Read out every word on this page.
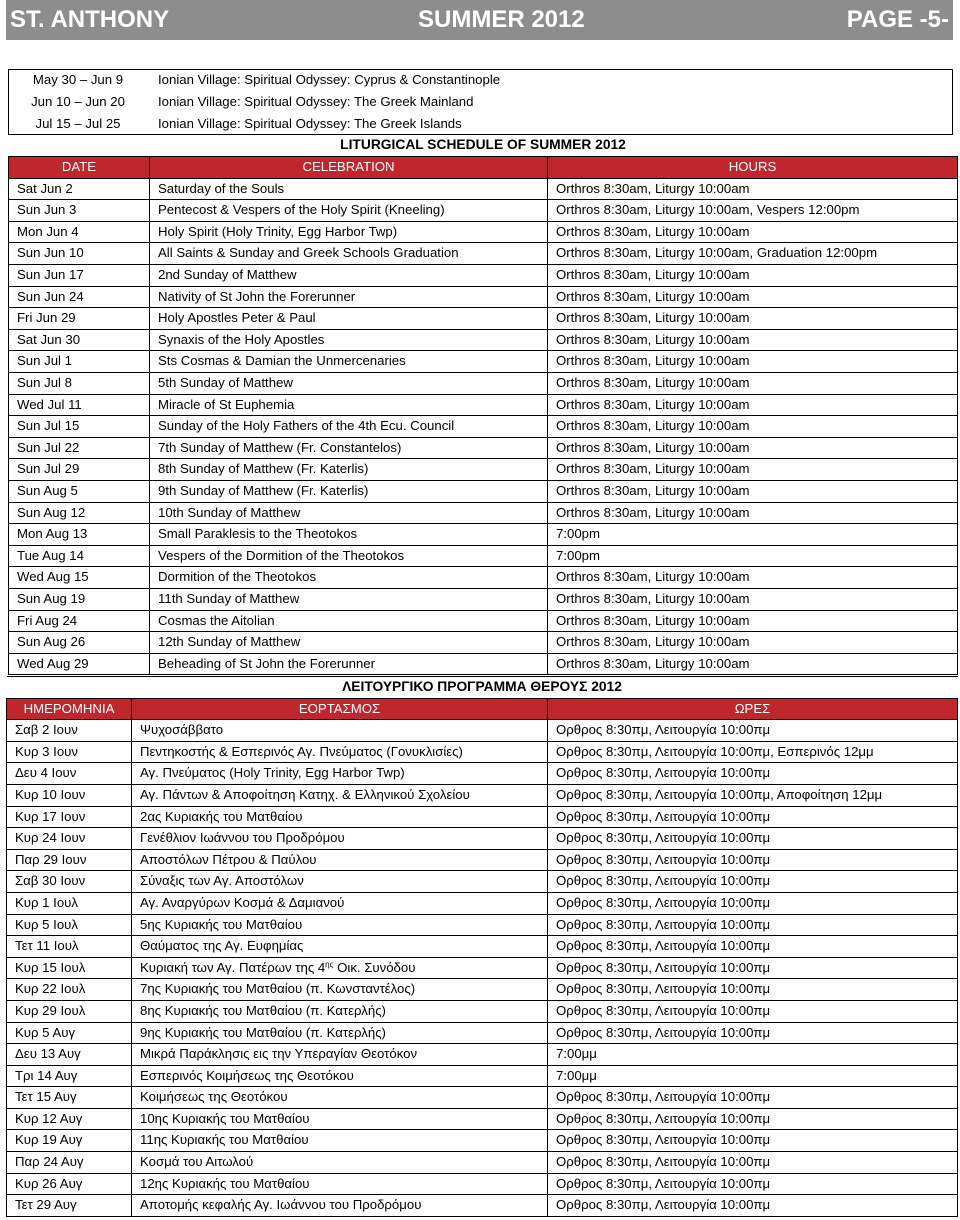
ST. ANTHONY	SUMMER 2012	PAGE -5-
May 30 – Jun 9	Ionian Village: Spiritual Odyssey: Cyprus & Constantinople
Jun 10 – Jun 20	Ionian Village: Spiritual Odyssey: The Greek Mainland
Jul 15 – Jul 25	Ionian Village: Spiritual Odyssey: The Greek Islands
LITURGICAL SCHEDULE OF SUMMER 2012		
DATE	CELEBRATION	HOURS
Sat Jun 2	Saturday of the Souls	Orthros 8:30am, Liturgy 10:00am
Sun Jun 3	Pentecost & Vespers of the Holy Spirit (Kneeling)	Orthros 8:30am, Liturgy 10:00am, Vespers 12:00pm
Mon Jun 4	Holy Spirit (Holy Trinity, Egg Harbor Twp)	Orthros 8:30am, Liturgy 10:00am
Sun Jun 10	All Saints & Sunday and Greek Schools Graduation	Orthros 8:30am, Liturgy 10:00am, Graduation 12:00pm
Sun Jun 17	2nd Sunday of Matthew	Orthros 8:30am, Liturgy 10:00am
Sun Jun 24	Nativity of St John the Forerunner	Orthros 8:30am, Liturgy 10:00am
Fri Jun 29	Holy Apostles Peter & Paul	Orthros 8:30am, Liturgy 10:00am
Sat Jun 30	Synaxis of the Holy Apostles	Orthros 8:30am, Liturgy 10:00am
Sun Jul 1	Sts Cosmas & Damian the Unmercenaries	Orthros 8:30am, Liturgy 10:00am
Sun Jul 8	5th Sunday of Matthew	Orthros 8:30am, Liturgy 10:00am
Wed Jul 11	Miracle of St Euphemia	Orthros 8:30am, Liturgy 10:00am
Sun Jul 15	Sunday of the Holy Fathers of the 4th Ecu. Council	Orthros 8:30am, Liturgy 10:00am
Sun Jul 22	7th Sunday of Matthew (Fr. Constantelos)	Orthros 8:30am, Liturgy 10:00am
Sun Jul 29	8th Sunday of Matthew (Fr. Katerlis)	Orthros 8:30am, Liturgy 10:00am
Sun Aug 5	9th Sunday of Matthew (Fr. Katerlis)	Orthros 8:30am, Liturgy 10:00am
Sun Aug 12	10th Sunday of Matthew	Orthros 8:30am, Liturgy 10:00am
Mon Aug 13	Small Paraklesis to the Theotokos	7:00pm
Tue Aug 14	Vespers of the Dormition of the Theotokos	7:00pm
Wed Aug 15	Dormition of the Theotokos	Orthros 8:30am, Liturgy 10:00am
Sun Aug 19	11th Sunday of Matthew	Orthros 8:30am, Liturgy 10:00am
Fri Aug 24	Cosmas the Aitolian	Orthros 8:30am, Liturgy 10:00am
Sun Aug 26	12th Sunday of Matthew	Orthros 8:30am, Liturgy 10:00am
Wed Aug 29	Beheading of St John the Forerunner	Orthros 8:30am, Liturgy 10:00am
ΛΕΙΤΟΥΡΓΙΚΟ ΠΡΟΓΡΑΜΜΑ ΘΕΡΟΥΣ 2012		
ΗΜΕΡΟΜΗΝΙΑ	ΕΟΡΤΑΣΜΟΣ	ΩΡΕΣ
Σαβ 2 Ιουν	Ψυχοσάββατο	Ορθρος 8:30πμ, Λειτουργία 10:00πμ
Κυρ 3 Ιουν	Πεντηκοστής & Εσπερινός Αγ. Πνεύματος (Γονυκλισίες)	Ορθρος 8:30πμ, Λειτουργία 10:00πμ, Εσπερινός 12μμ
Δευ 4 Ιουν	Αγ. Πνεύματος (Holy Trinity, Egg Harbor Twp)	Ορθρος 8:30πμ, Λειτουργία 10:00πμ
Κυρ 10 Ιουν	Αγ. Πάντων & Αποφοίτηση Κατηχ. & Ελληνικού Σχολείου	Ορθρος 8:30πμ, Λειτουργία 10:00πμ, Αποφοίτηση 12μμ
Κυρ 17 Ιουν	2ας Κυριακής του Ματθαίου	Ορθρος 8:30πμ, Λειτουργία 10:00πμ
Κυρ 24 Ιουν	Γενέθλιον Ιωάννου του Προδρόμου	Ορθρος 8:30πμ, Λειτουργία 10:00πμ
Παρ 29 Ιουν	Αποστόλων Πέτρου & Παύλου	Ορθρος 8:30πμ, Λειτουργία 10:00πμ
Σαβ 30 Ιουν	Σύναξις των Αγ. Αποστόλων	Ορθρος 8:30πμ, Λειτουργία 10:00πμ
Κυρ 1 Ιουλ	Αγ. Αναργύρων Κοσμά & Δαμιανού	Ορθρος 8:30πμ, Λειτουργία 10:00πμ
Κυρ 5 Ιουλ	5ης Κυριακής του Ματθαίου	Ορθρος 8:30πμ, Λειτουργία 10:00πμ
Τετ 11 Ιουλ	Θαύματος της Αγ. Ευφημίας	Ορθρος 8:30πμ, Λειτουργία 10:00πμ
Κυρ 15 Ιουλ	Κυριακή των Αγ. Πατέρων της $4^{\eta\varsigma}$ Οικ. Συνόδου	Ορθρος 8:30πμ, Λειτουργία 10:00πμ
Κυρ 22 Ιουλ	7ης Κυριακής του Ματθαίου (π. Κωνσταντέλος)	Ορθρος 8:30πμ, Λειτουργία 10:00πμ
Κυρ 29 Ιουλ	8ης Κυριακής του Ματθαίου (π. Κατερλής)	Ορθρος 8:30πμ, Λειτουργία 10:00πμ
Κυρ 5 Αυγ	9ης Κυριακής του Ματθαίου (π. Κατερλής)	Ορθρος 8:30πμ, Λειτουργία 10:00πμ
Δευ 13 Αυγ	Μικρά Παράκλησις εις την Υπεραγίαν Θεοτόκον	7:00μμ
Τρι 14 Αυγ	Εσπερινός Κοιμήσεως της Θεοτόκου	7:00μμ
Τετ 15 Αυγ	Κοιμήσεως της Θεοτόκου	Ορθρος 8:30πμ, Λειτουργία 10:00πμ
Κυρ 12 Αυγ	10ης Κυριακής του Ματθαίου	Ορθρος 8:30πμ, Λειτουργία 10:00πμ
Κυρ 19 Αυγ	11ης Κυριακής του Ματθαίου	Ορθρος 8:30πμ, Λειτουργία 10:00πμ
Παρ 24 Αυγ	Κοσμά του Αιτωλού	Ορθρος 8:30πμ, Λειτουργία 10:00πμ
Κυρ 26 Αυγ	12ης Κυριακής του Ματθαίου	Ορθρος 8:30πμ, Λειτουργία 10:00πμ
Τετ 29 Αυγ	Αποτομής κεφαλής Αγ. Ιωάννου του Προδρόμου	Ορθρος 8:30πμ, Λειτουργία 10:00πμ
